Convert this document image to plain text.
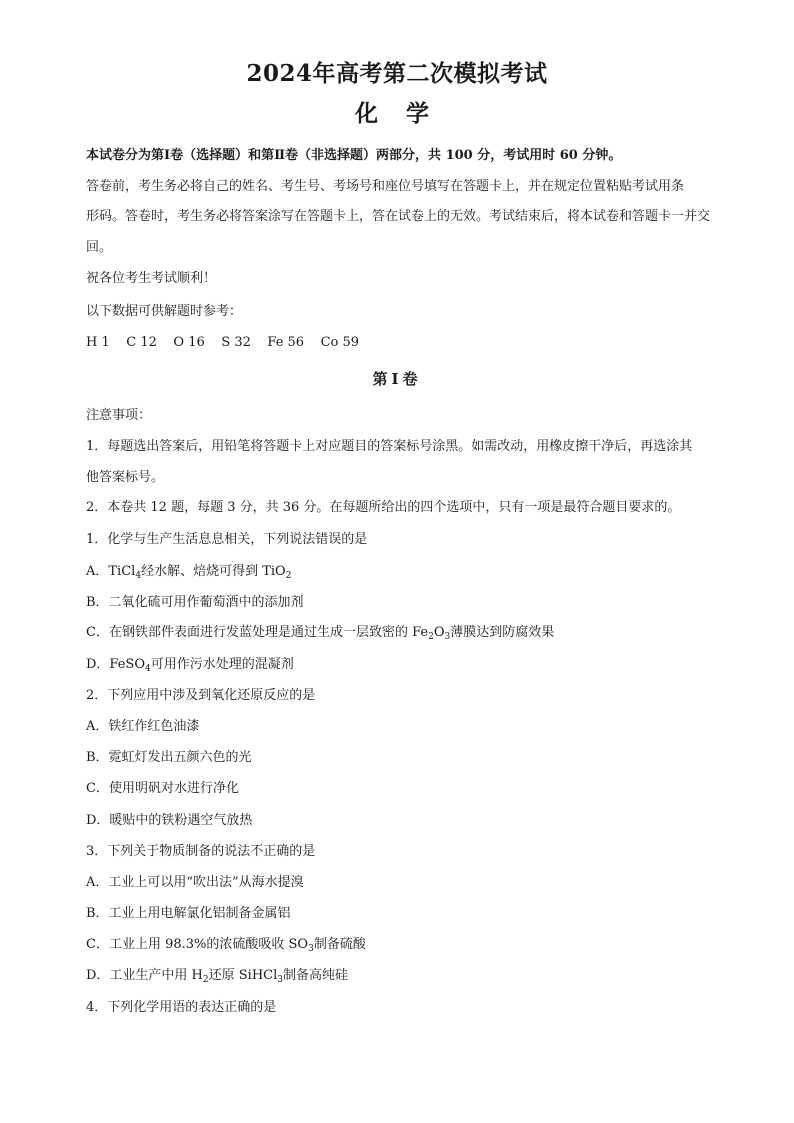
2024年高考第二次模拟考试
化 学
本试卷分为第Ⅰ卷（选择题）和第Ⅱ卷（非选择题）两部分，共 100 分，考试用时 60 分钟。
答卷前，考生务必将自己的姓名、考生号、考场号和座位号填写在答题卡上，并在规定位置粘贴考试用条
形码。答卷时，考生务必将答案涂写在答题卡上，答在试卷上的无效。考试结束后，将本试卷和答题卡一并交
回。
祝各位考生考试顺利！
以下数据可供解题时参考：
H 1    C 12    O 16    S 32    Fe 56    Co 59
第Ⅰ卷
注意事项：
1．每题选出答案后，用铅笔将答题卡上对应题目的答案标号涂黑。如需改动，用橡皮擦干净后，再选涂其
他答案标号。
2．本卷共 12 题，每题 3 分，共 36 分。在每题所给出的四个选项中，只有一项是最符合题目要求的。
1．化学与生产生活息息相关，下列说法错误的是
A．TiCl$_4$经水解、焙烧可得到 TiO$_2$
B．二氧化硫可用作葡萄酒中的添加剂
C．在钢铁部件表面进行发蓝处理是通过生成一层致密的 $Fe_2O_3$薄膜达到防腐效果
D．FeSO$_4$可用作污水处理的混凝剂
2．下列应用中涉及到氧化还原反应的是
A．铁红作红色油漆
B．霓虹灯发出五颜六色的光
C．使用明矾对水进行净化
D．暖贴中的铁粉遇空气放热
3．下列关于物质制备的说法不正确的是
A．工业上可以用“吹出法”从海水提溴
B．工业上用电解氯化铝制备金属铝
C．工业上用 98.3%的浓硫酸吸收 $SO_3$制备硫酸
D．工业生产中用 $H_2$还原 SiHCl$_3$制备高纯硅
4．下列化学用语的表达正确的是
